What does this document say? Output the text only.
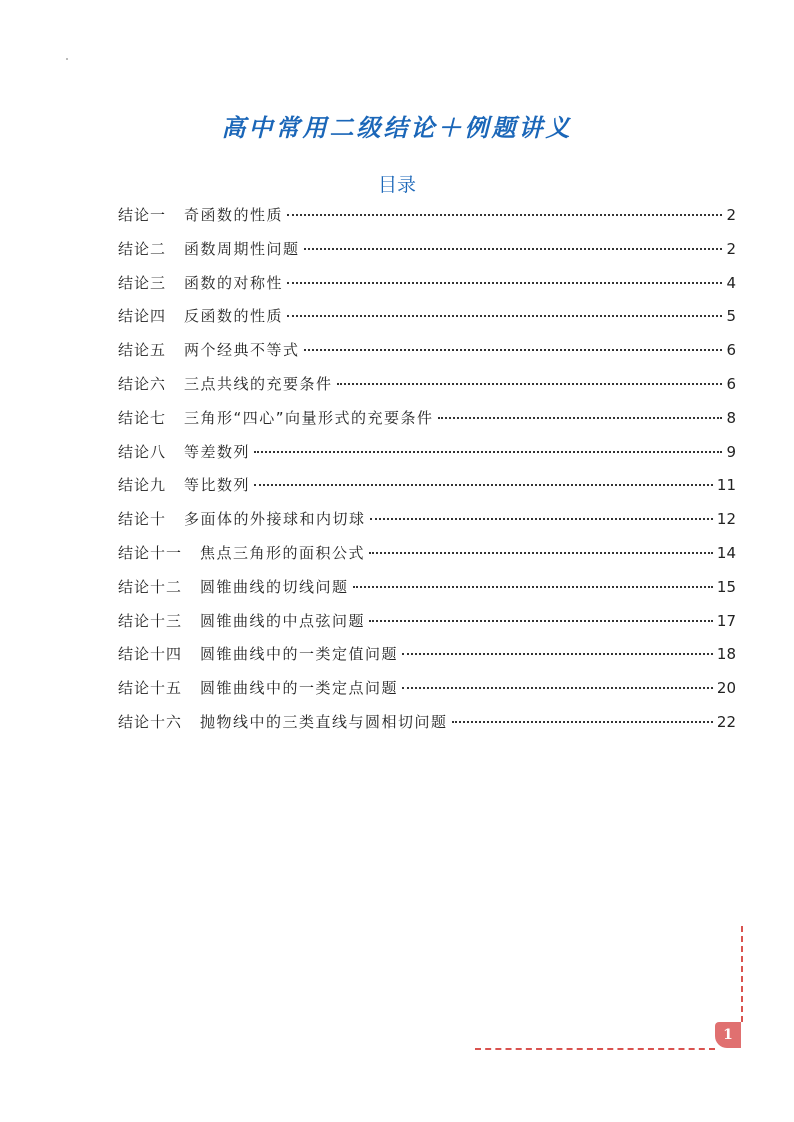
高中常用二级结论＋例题讲义
目录
结论一 奇函数的性质	2
结论二 函数周期性问题	2
结论三 函数的对称性	4
结论四 反函数的性质	5
结论五 两个经典不等式	6
结论六 三点共线的充要条件	6
结论七 三角形“四心”向量形式的充要条件	8
结论八 等差数列	9
结论九 等比数列	11
结论十 多面体的外接球和内切球	12
结论十一 焦点三角形的面积公式	14
结论十二 圆锥曲线的切线问题	15
结论十三 圆锥曲线的中点弦问题	17
结论十四 圆锥曲线中的一类定值问题	18
结论十五 圆锥曲线中的一类定点问题	20
结论十六 抛物线中的三类直线与圆相切问题	22
1
